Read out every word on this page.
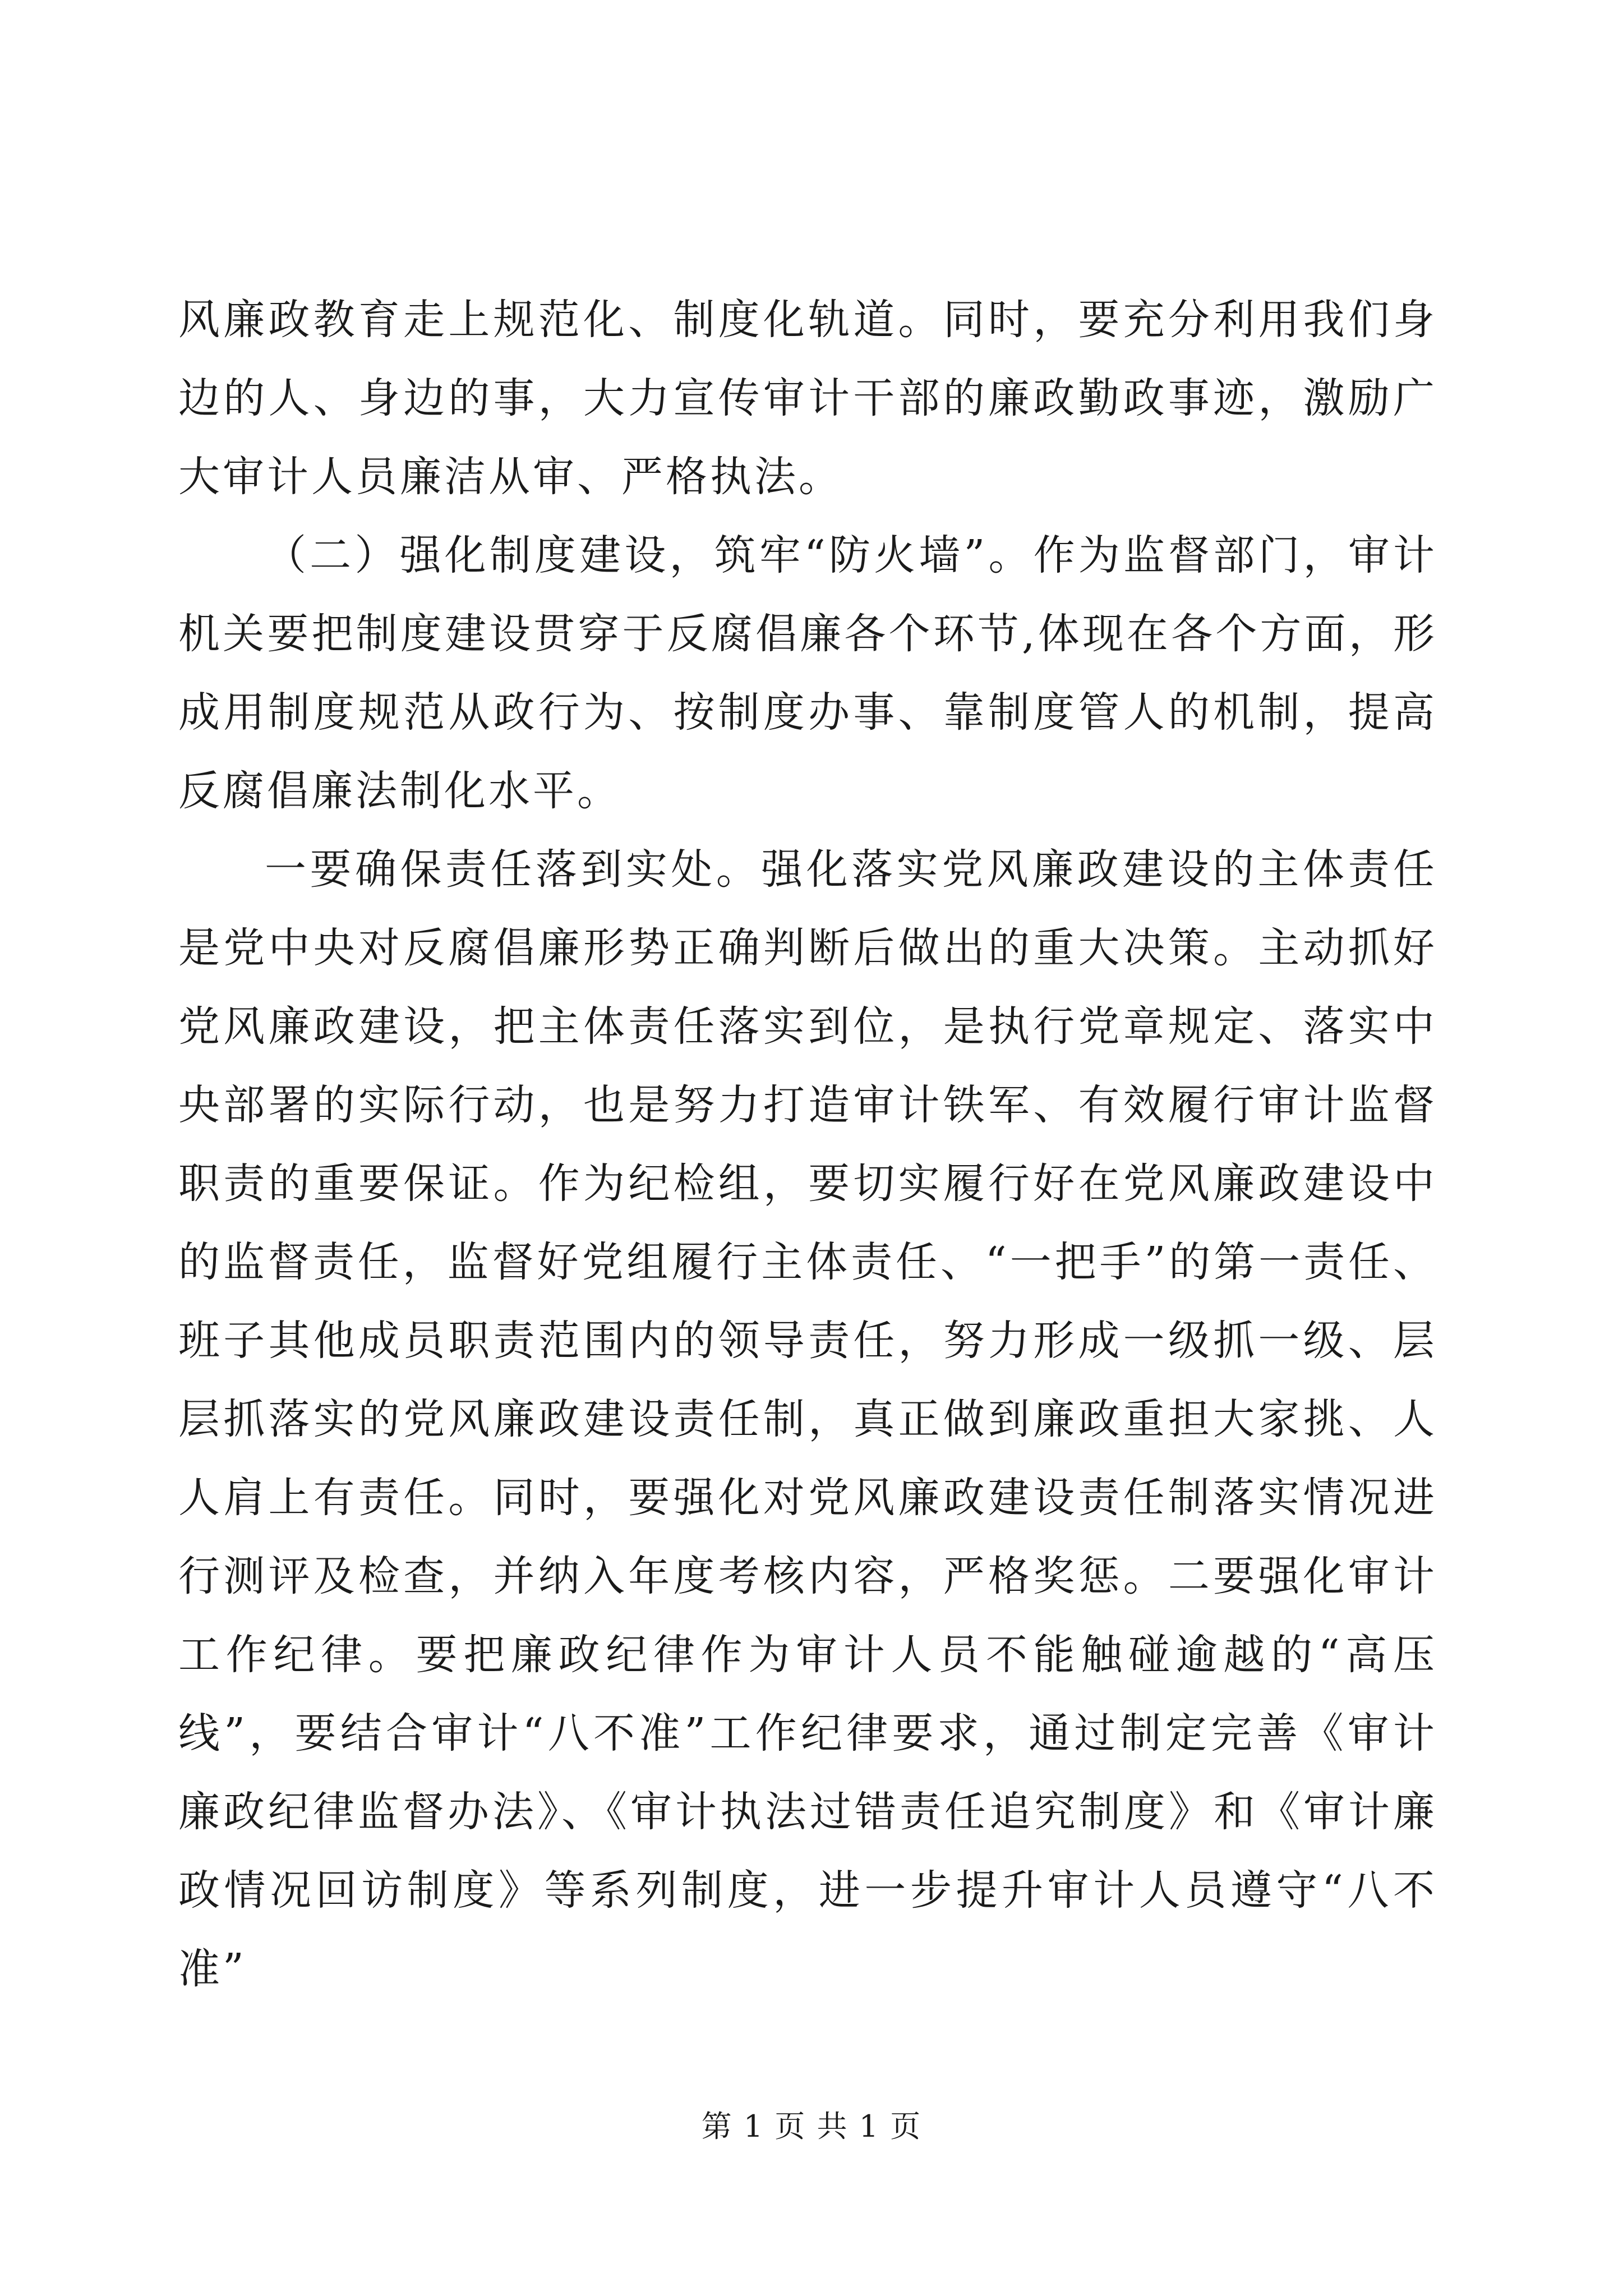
风廉政教育走上规范化、制度化轨道。同时，要充分利用我们身边的人、身边的事，大力宣传审计干部的廉政勤政事迹，激励广大审计人员廉洁从审、严格执法。

（二）强化制度建设，筑牢“防火墙”。作为监督部门，审计机关要把制度建设贯穿于反腐倡廉各个环节,体现在各个方面，形成用制度规范从政行为、按制度办事、靠制度管人的机制，提高反腐倡廉法制化水平。

一要确保责任落到实处。强化落实党风廉政建设的主体责任是党中央对反腐倡廉形势正确判断后做出的重大决策。主动抓好党风廉政建设，把主体责任落实到位，是执行党章规定、落实中央部署的实际行动，也是努力打造审计铁军、有效履行审计监督职责的重要保证。作为纪检组，要切实履行好在党风廉政建设中的监督责任，监督好党组履行主体责任、“一把手”的第一责任、班子其他成员职责范围内的领导责任，努力形成一级抓一级、层层抓落实的党风廉政建设责任制，真正做到廉政重担大家挑、人人肩上有责任。同时，要强化对党风廉政建设责任制落实情况进行测评及检查，并纳入年度考核内容，严格奖惩。二要强化审计工作纪律。要把廉政纪律作为审计人员不能触碰逾越的“高压线”，要结合审计“八不准”工作纪律要求，通过制定完善《审计廉政纪律监督办法》、《审计执法过错责任追究制度》和《审计廉政情况回访制度》等系列制度，进一步提升审计人员遵守“八不准”

第 1 页 共 1 页
